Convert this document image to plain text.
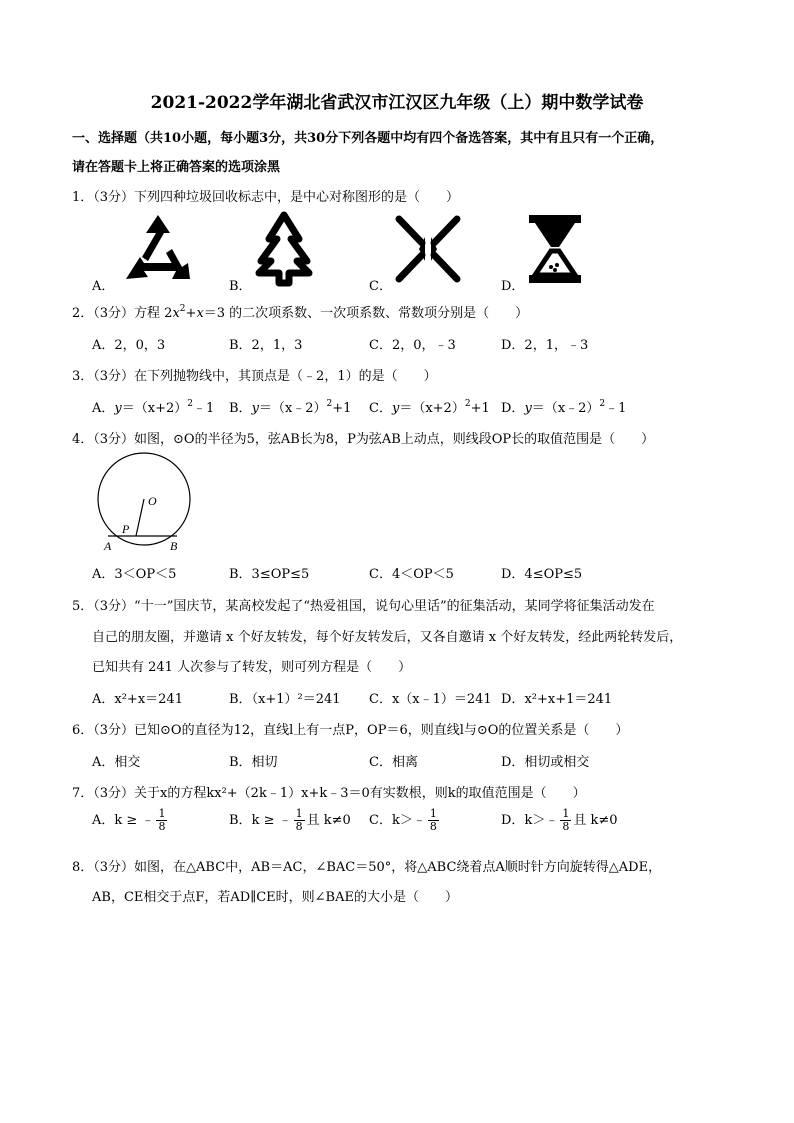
2021-2022学年湖北省武汉市江汉区九年级（上）期中数学试卷
一、选择题（共10小题，每小题3分，共30分下列各题中均有四个备选答案，其中有且只有一个正确，
请在答题卡上将正确答案的选项涂黑
1．（3分）下列四种垃圾回收标志中，是中心对称图形的是（　　）
A．	B．	C．	D．
2．（3分）方程 $2x^2+x=3$ 的二次项系数、一次项系数、常数项分别是（　　）
A．2，0，3	B．2，1，3	C．2，0，﹣3	D．2，1，﹣3
3．（3分）在下列抛物线中，其顶点是（﹣2，1）的是（　　）
A．$y=(x+2)^2﹣1$ B．y＝（x﹣2）$^2$+1 C．$y=(x+2)^2+1$ D．y＝（x﹣2）$^2$﹣1
4．（3分）如图，⊙O的半径为5，弦AB长为8，P为弦AB上动点，则线段OP长的取值范围是（　　）
O
P
A	B
A．3＜OP＜5	B．3≤OP≤5	C．4＜OP＜5	D．4≤OP≤5
5．（3分）“十一”国庆节，某高校发起了“热爱祖国，说句心里话”的征集活动，某同学将征集活动发在
自己的朋友圈，并邀请 x 个好友转发，每个好友转发后，又各自邀请 x 个好友转发，经此两轮转发后，
已知共有 241 人次参与了转发，则可列方程是（　　）
A．x²+x＝241	B．（x+1）²＝241 C．x（x﹣1）＝241 D．x²+x+1＝241
6．（3分）已知⊙O的直径为12，直线l上有一点P，OP＝6，则直线l与⊙O的位置关系是（　　）
A．相交	B．相切	C．相离	D．相切或相交
7．（3分）关于x的方程kx²+（2k﹣1）x+k﹣3＝0有实数根，则k的取值范围是（　　）
A．k ≥ ﹣ $\frac{1}{8}$	B．k ≥ ﹣ $\frac{1}{8}$ 且 k≠0 C．k＞﹣ $\frac{1}{8}$	D．k＞﹣ $\frac{1}{8}$ 且 k≠0
8．（3分）如图，在△ABC中，AB＝AC，∠BAC＝50°，将△ABC绕着点A顺时针方向旋转得△ADE，
AB，CE相交于点F，若AD∥CE时，则∠BAE的大小是（　　）
